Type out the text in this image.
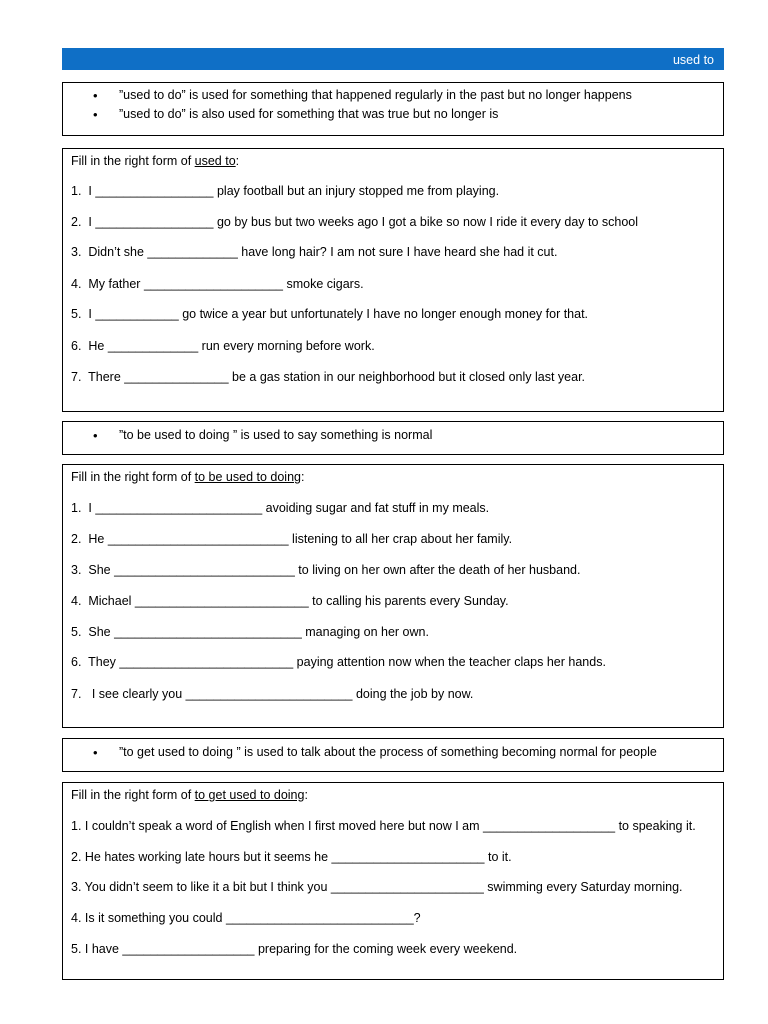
used to
• ”used to do” is used for something that happened regularly in the past but no longer happens
• ”used to do” is also used for something that was true but no longer is
Fill in the right form of used to:
1.  I _________________ play football but an injury stopped me from playing.
2.  I _________________ go by bus but two weeks ago I got a bike so now I ride it every day to school
3.  Didn’t she _____________ have long hair? I am not sure I have heard she had it cut.
4.  My father ____________________ smoke cigars.
5.  I ____________ go twice a year but unfortunately I have no longer enough money for that.
6.  He _____________ run every morning before work.
7.  There _______________ be a gas station in our neighborhood but it closed only last year.
• ”to be used to doing ” is used to say something is normal
Fill in the right form of to be used to doing:
1.  I ________________________ avoiding sugar and fat stuff in my meals.
2.  He __________________________ listening to all her crap about her family.
3.  She __________________________ to living on her own after the death of her husband.
4.  Michael _________________________ to calling his parents every Sunday.
5.  She ___________________________ managing on her own.
6.  They _________________________ paying attention now when the teacher claps her hands.
7.   I see clearly you ________________________ doing the job by now.
• ”to get used to doing ” is used to talk about the process of something becoming normal for people
Fill in the right form of to get used to doing:
1. I couldn’t speak a word of English when I first moved here but now I am ___________________ to speaking it.
2. He hates working late hours but it seems he ______________________ to it.
3. You didn’t seem to like it a bit but I think you ______________________ swimming every Saturday morning.
4. Is it something you could ___________________________?
5. I have ___________________ preparing for the coming week every weekend.
